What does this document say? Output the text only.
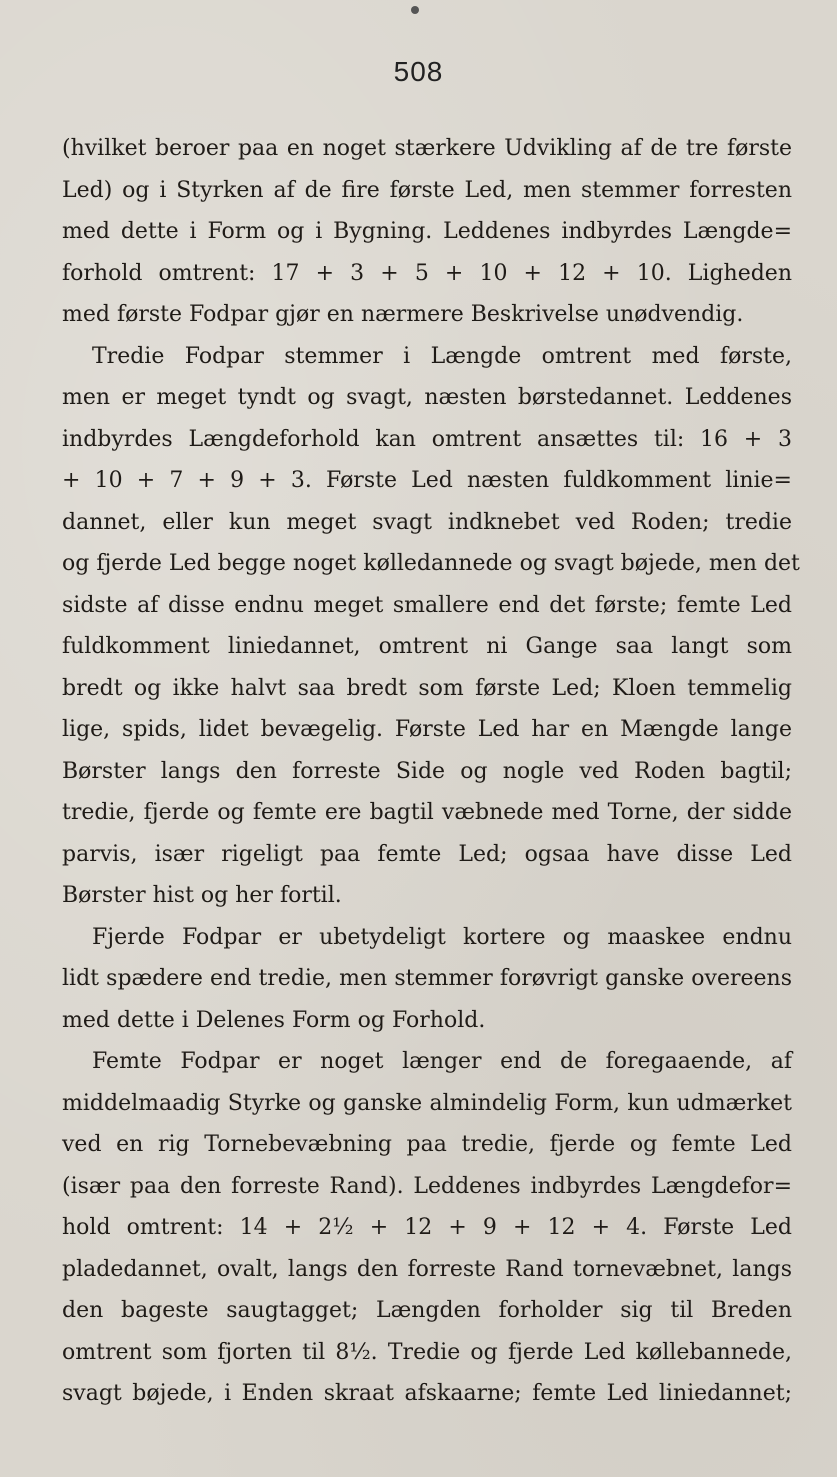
508
(hvilket beroer paa en noget stærkere Udvikling af de tre første
Led) og i Styrken af de fire første Led, men stemmer forresten
med dette i Form og i Bygning. Leddenes indbyrdes Længde=
forhold omtrent: 17 + 3 + 5 + 10 + 12 + 10. Ligheden
med første Fodpar gjør en nærmere Beskrivelse unødvendig.
Tredie Fodpar stemmer i Længde omtrent med første,
men er meget tyndt og svagt, næsten børstedannet. Leddenes
indbyrdes Længdeforhold kan omtrent ansættes til: 16 + 3
+ 10 + 7 + 9 + 3. Første Led næsten fuldkomment linie=
dannet, eller kun meget svagt indknebet ved Roden; tredie
og fjerde Led begge noget kølledannede og svagt bøjede, men det
sidste af disse endnu meget smallere end det første; femte Led
fuldkomment liniedannet, omtrent ni Gange saa langt som
bredt og ikke halvt saa bredt som første Led; Kloen temmelig
lige, spids, lidet bevægelig. Første Led har en Mængde lange
Børster langs den forreste Side og nogle ved Roden bagtil;
tredie, fjerde og femte ere bagtil væbnede med Torne, der sidde
parvis, især rigeligt paa femte Led; ogsaa have disse Led
Børster hist og her fortil.
Fjerde Fodpar er ubetydeligt kortere og maaskee endnu
lidt spædere end tredie, men stemmer forøvrigt ganske overeens
med dette i Delenes Form og Forhold.
Femte Fodpar er noget længer end de foregaaende, af
middelmaadig Styrke og ganske almindelig Form, kun udmærket
ved en rig Tornebevæbning paa tredie, fjerde og femte Led
(især paa den forreste Rand). Leddenes indbyrdes Længdefor=
hold omtrent: 14 + 2½ + 12 + 9 + 12 + 4. Første Led
pladedannet, ovalt, langs den forreste Rand tornevæbnet, langs
den bageste saugtagget; Længden forholder sig til Breden
omtrent som fjorten til 8½. Tredie og fjerde Led køllebannede,
svagt bøjede, i Enden skraat afskaarne; femte Led liniedannet;
